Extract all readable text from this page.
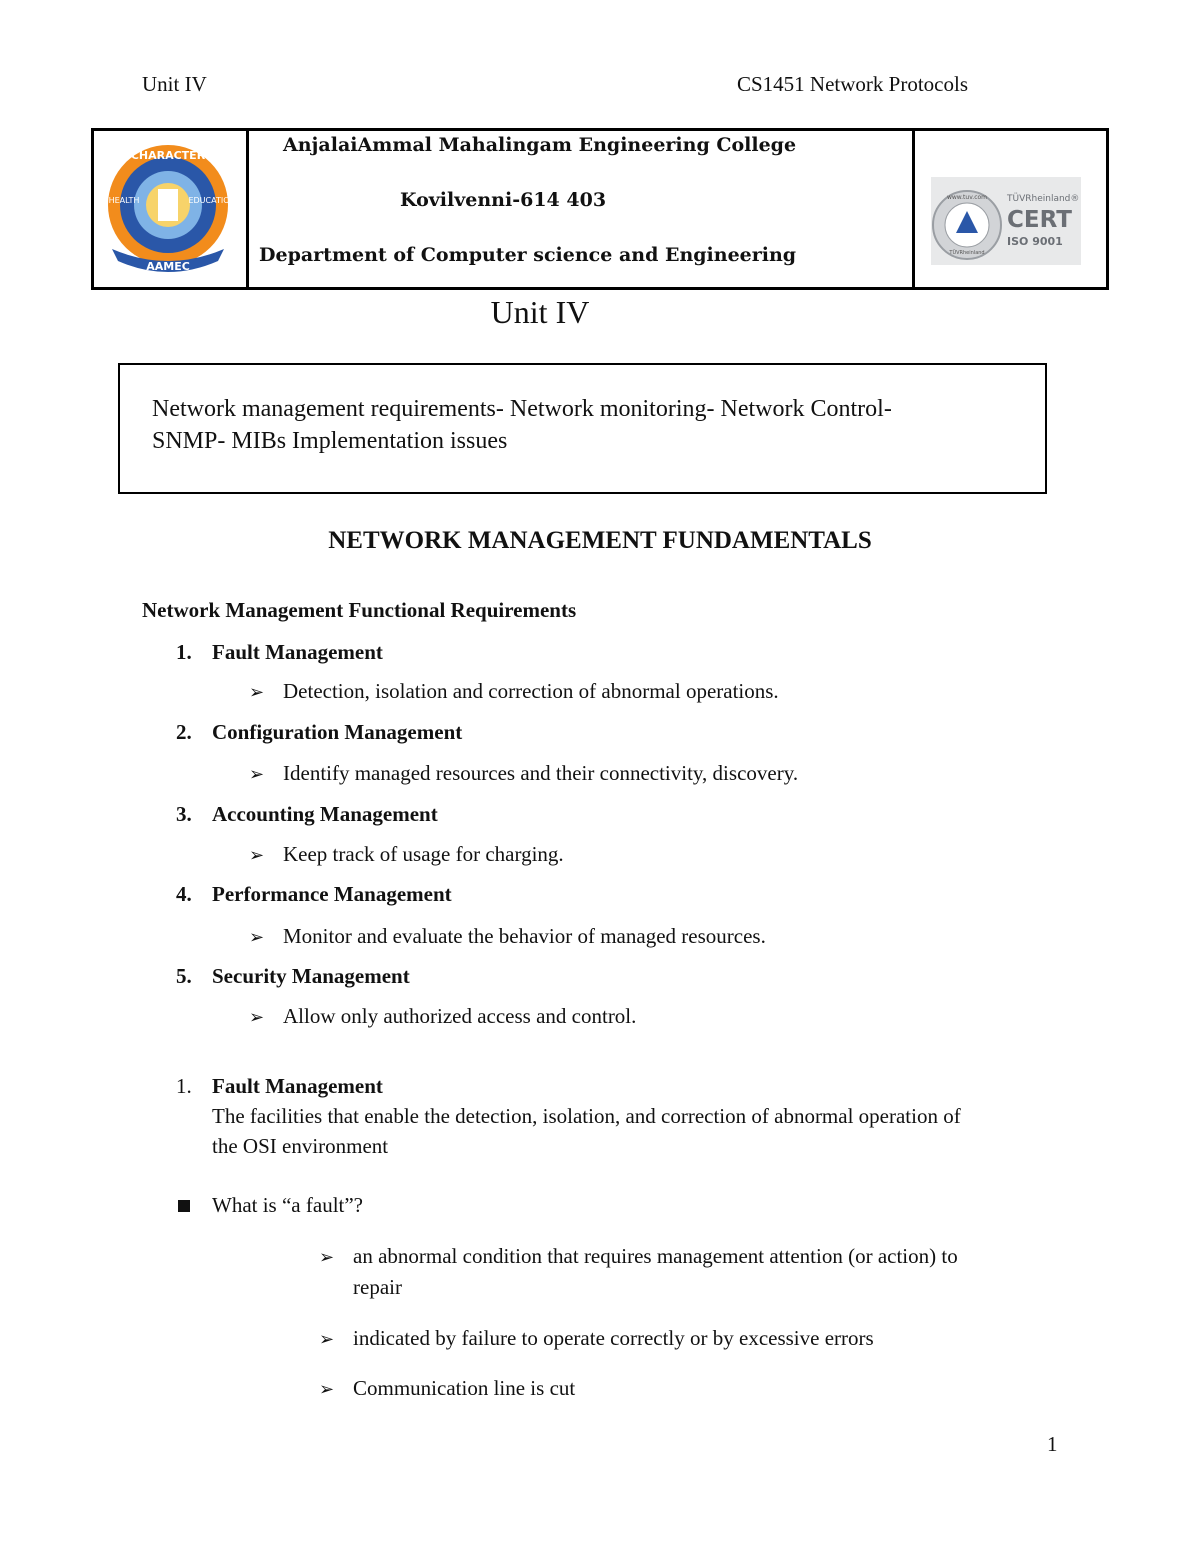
Unit IV	CS1451 Network Protocols
CHARACTER
HEALTH	EDUCATION
AAMEC
www.tuv.com
TÜVRheinland
TÜVRheinland®
CERT
ISO 9001
AnjalaiAmmal Mahalingam Engineering College
Kovilvenni-614 403
Department of Computer science and Engineering
Unit IV
Network management requirements- Network monitoring- Network Control-
SNMP- MIBs Implementation issues
NETWORK MANAGEMENT FUNDAMENTALS
Network Management Functional Requirements
1. Fault Management
➢ Detection, isolation and correction of abnormal operations.
2. Configuration Management
➢ Identify managed resources and their connectivity, discovery.
3. Accounting Management
➢ Keep track of usage for charging.
4. Performance Management
➢ Monitor and evaluate the behavior of managed resources.
5. Security Management
➢ Allow only authorized access and control.
1. Fault Management
The facilities that enable the detection, isolation, and correction of abnormal operation of
the OSI environment
What is “a fault”?
➢ an abnormal condition that requires management attention (or action) to
repair
➢ indicated by failure to operate correctly or by excessive errors
➢ Communication line is cut
1
